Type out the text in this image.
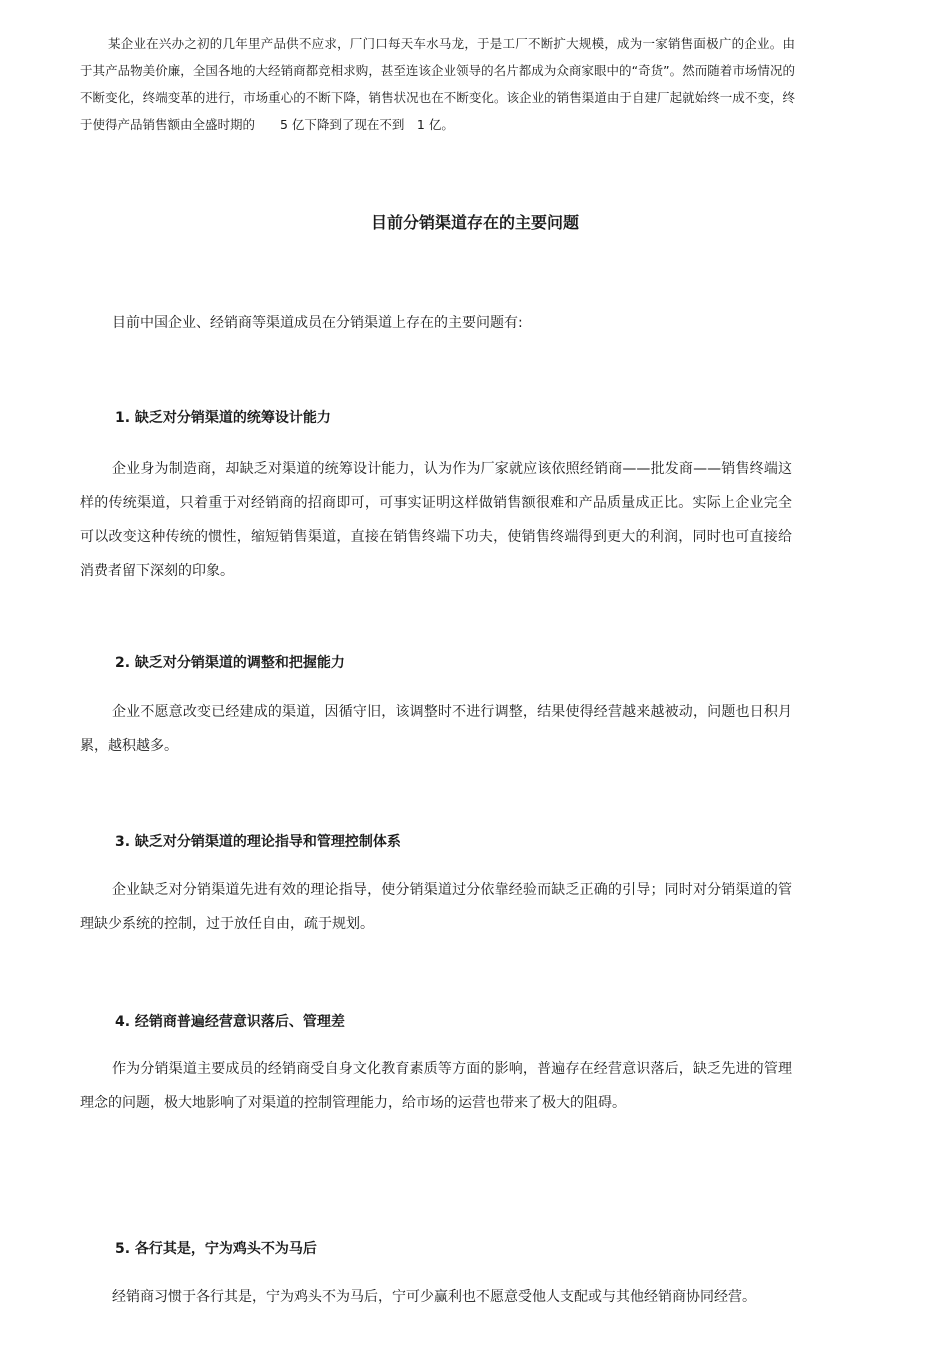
某企业在兴办之初的几年里产品供不应求，厂门口每天车水马龙，于是工厂不断扩大规模，成为一家销售面极广的企业。由于其产品物美价廉，全国各地的大经销商都竞相求购，甚至连该企业领导的名片都成为众商家眼中的“奇货”。然而随着市场情况的不断变化，终端变革的进行，市场重心的不断下降，销售状况也在不断变化。该企业的销售渠道由于自建厂起就始终一成不变，终于使得产品销售额由全盛时期的　　5 亿下降到了现在不到　1 亿。

目前分销渠道存在的主要问题

目前中国企业、经销商等渠道成员在分销渠道上存在的主要问题有:

1. 缺乏对分销渠道的统筹设计能力

企业身为制造商，却缺乏对渠道的统筹设计能力，认为作为厂家就应该依照经销商——批发商——销售终端这样的传统渠道，只着重于对经销商的招商即可，可事实证明这样做销售额很难和产品质量成正比。实际上企业完全可以改变这种传统的惯性，缩短销售渠道，直接在销售终端下功夫，使销售终端得到更大的利润，同时也可直接给消费者留下深刻的印象。

2. 缺乏对分销渠道的调整和把握能力

企业不愿意改变已经建成的渠道，因循守旧，该调整时不进行调整，结果使得经营越来越被动，问题也日积月累，越积越多。

3. 缺乏对分销渠道的理论指导和管理控制体系

企业缺乏对分销渠道先进有效的理论指导，使分销渠道过分依靠经验而缺乏正确的引导；同时对分销渠道的管理缺少系统的控制，过于放任自由，疏于规划。

4. 经销商普遍经营意识落后、管理差

作为分销渠道主要成员的经销商受自身文化教育素质等方面的影响，普遍存在经营意识落后，缺乏先进的管理理念的问题，极大地影响了对渠道的控制管理能力，给市场的运营也带来了极大的阻碍。

5. 各行其是，宁为鸡头不为马后

经销商习惯于各行其是，宁为鸡头不为马后，宁可少赢利也不愿意受他人支配或与其他经销商协同经营。
